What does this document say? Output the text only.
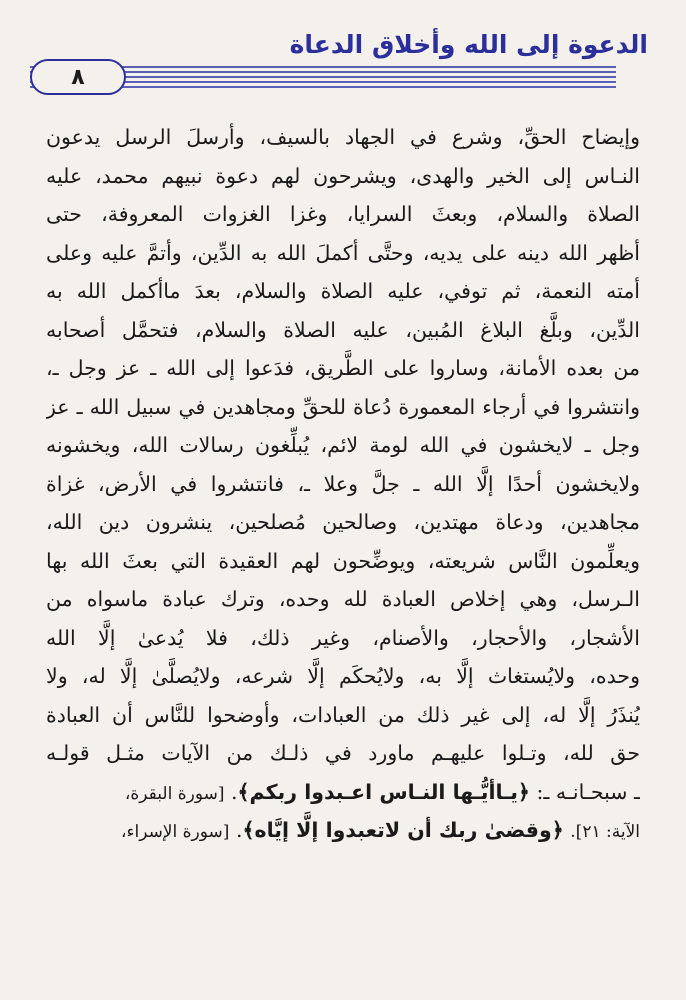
الدعوة إلى الله وأخلاق الدعاة
٨
وإيضاح الحقِّ، وشرع في الجهاد بالسيف، وأرسلَ الرسل يدعون
النـاس إلى الخير والهدى، ويشرحون لهم دعوة نبيهم محمد، عليه
الصلاة والسلام، وبعثَ السرايا، وغزا الغزوات المعروفة، حتى
أظهر الله دينه على يديه، وحتَّى أكملَ الله به الدِّين، وأتمَّ عليه وعلى
أمته النعمة، ثم توفي، عليه الصلاة والسلام، بعدَ ماأكمل الله به
الدِّين، وبلَّغ البلاغ المُبين، عليه الصلاة والسلام، فتحمَّل أصحابه
من بعده الأمانة، وساروا على الطَّريق، فدَعوا إلى الله ـ عز وجل ـ،
وانتشروا في أرجاء المعمورة دُعاة للحقِّ ومجاهدين في سبيل الله ـ عز
وجل ـ لايخشون في الله لومة لائم، يُبلِّغون رسالات الله، ويخشونه
ولايخشون أحدًا إلَّا الله ـ جلَّ وعلا ـ، فانتشروا في الأرض، غزاة
مجاهدين، ودعاة مهتدين، وصالحين مُصلحين، ينشرون دين الله،
ويعلِّمون النَّاس شريعته، ويوضِّحون لهم العقيدة التي بعثَ الله بها
الـرسل، وهي إخلاص العبادة لله وحده، وترك عبادة ماسواه من
الأشجار، والأحجار، والأصنام، وغير ذلك، فلا يُدعىٰ إلَّا الله
وحده، ولايُستغاث إلَّا به، ولايُحكَم إلَّا شرعه، ولايُصلَّىٰ إلَّا له، ولا
يُنذَرُ إلَّا له، إلى غير ذلك من العبادات، وأوضحوا للنَّاس أن العبادة
حق لله، وتـلوا عليهـم ماورد في ذلـك من الآيات مثـل قولـه
ـ سبحـانـه ـ: ﴿يـاأيُّـها النـاس اعـبدوا ربكم﴾. [سورة البقرة،
الآية: ٢١]. ﴿وقضىٰ ربك أن لاتعبدوا إلَّا إيَّاه﴾. [سورة الإسراء،
